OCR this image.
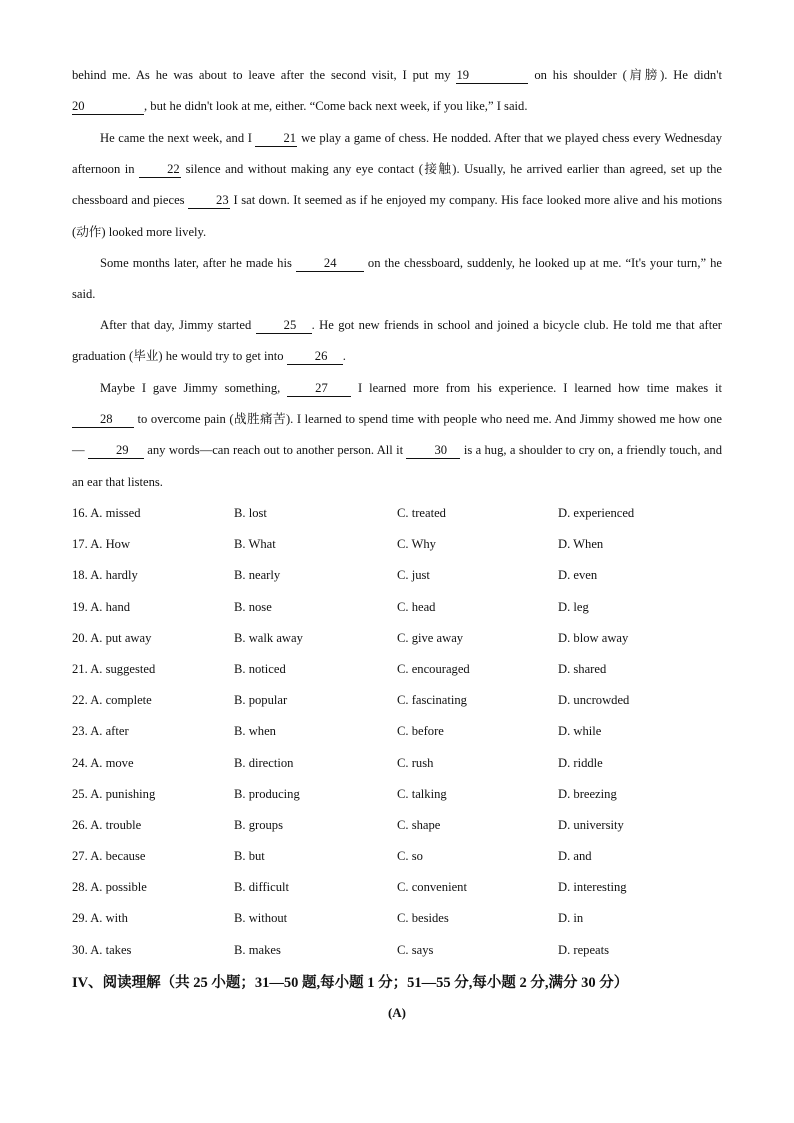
behind me. As he was about to leave after the second visit, I put my 19	on his shoulder (肩膀). He didn't 20	, but he didn't look at me, either. “Come back next week, if you like,” I said.

He came the next week, and I 21 we play a game of chess. He nodded. After that we played chess every Wednesday afternoon in 22 silence and without making any eye contact (接触). Usually, he arrived earlier than agreed, set up the chessboard and pieces 23 I sat down. It seemed as if he enjoyed my company. His face looked more alive and his motions (动作) looked more lively.

Some months later, after he made his 24 on the chessboard, suddenly, he looked up at me. “It's your turn,” he said.

After that day, Jimmy started 25 . He got new friends in school and joined a bicycle club. He told me that after graduation (毕业) he would try to get into 26 .

Maybe I gave Jimmy something, 27 I learned more from his experience. I learned how time makes it 28 to overcome pain (战胜痛苦). I learned to spend time with people who need me. And Jimmy showed me how one— 29 any words—can reach out to another person. All it 30 is a hug, a shoulder to cry on, a friendly touch, and an ear that listens.

16. A. missed	B. lost	C. treated	D. experienced
17. A. How	B. What	C. Why	D. When
18. A. hardly	B. nearly	C. just	D. even
19. A. hand	B. nose	C. head	D. leg
20. A. put away	B. walk away	C. give away	D. blow away
21. A. suggested	B. noticed	C. encouraged	D. shared
22. A. complete	B. popular	C. fascinating	D. uncrowded
23. A. after	B. when	C. before	D. while
24. A. move	B. direction	C. rush	D. riddle
25. A. punishing	B. producing	C. talking	D. breezing
26. A. trouble	B. groups	C. shape	D. university
27. A. because	B. but	C. so	D. and
28. A. possible	B. difficult	C. convenient	D. interesting
29. A. with	B. without	C. besides	D. in
30. A. takes	B. makes	C. says	D. repeats
IV、阅读理解（共 25 小题；31—50 题,每小题 1 分；51—55 分,每小题 2 分,满分 30 分）
(A)
